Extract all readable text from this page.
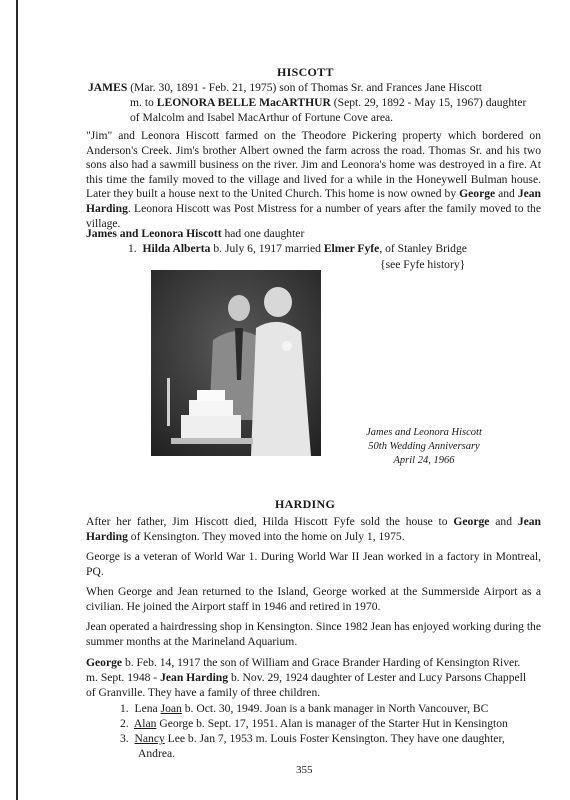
HISCOTT
JAMES (Mar. 30, 1891 - Feb. 21, 1975) son of Thomas Sr. and Frances Jane Hiscott
m. to LEONORA BELLE MacARTHUR (Sept. 29, 1892 - May 15, 1967) daughter
of Malcolm and Isabel MacArthur of Fortune Cove area.
"Jim" and Leonora Hiscott farmed on the Theodore Pickering property which bordered on Anderson's Creek. Jim's brother Albert owned the farm across the road. Thomas Sr. and his two sons also had a sawmill business on the river. Jim and Leonora's home was destroyed in a fire. At this time the family moved to the village and lived for a while in the Honeywell Bulman house. Later they built a house next to the United Church. This home is now owned by George and Jean Harding. Leonora Hiscott was Post Mistress for a number of years after the family moved to the village.
James and Leonora Hiscott had one daughter
1. Hilda Alberta b. July 6, 1917 married Elmer Fyfe, of Stanley Bridge
{see Fyfe history}
James and Leonora Hiscott
50th Wedding Anniversary
April 24, 1966
HARDING
After her father, Jim Hiscott died, Hilda Hiscott Fyfe sold the house to George and Jean Harding of Kensington. They moved into the home on July 1, 1975.
George is a veteran of World War 1. During World War II Jean worked in a factory in Montreal, PQ.
When George and Jean returned to the Island, George worked at the Summerside Airport as a civilian. He joined the Airport staff in 1946 and retired in 1970.
Jean operated a hairdressing shop in Kensington. Since 1982 Jean has enjoyed working during the summer months at the Marineland Aquarium.
George b. Feb. 14, 1917 the son of William and Grace Brander Harding of Kensington River.
m. Sept. 1948 - Jean Harding b. Nov. 29, 1924 daughter of Lester and Lucy Parsons Chappell
of Granville. They have a family of three children.
1. Lena Joan b. Oct. 30, 1949. Joan is a bank manager in North Vancouver, BC
2. Alan George b. Sept. 17, 1951. Alan is manager of the Starter Hut in Kensington
3. Nancy Lee b. Jan 7, 1953 m. Louis Foster Kensington. They have one daughter,
Andrea.
355
